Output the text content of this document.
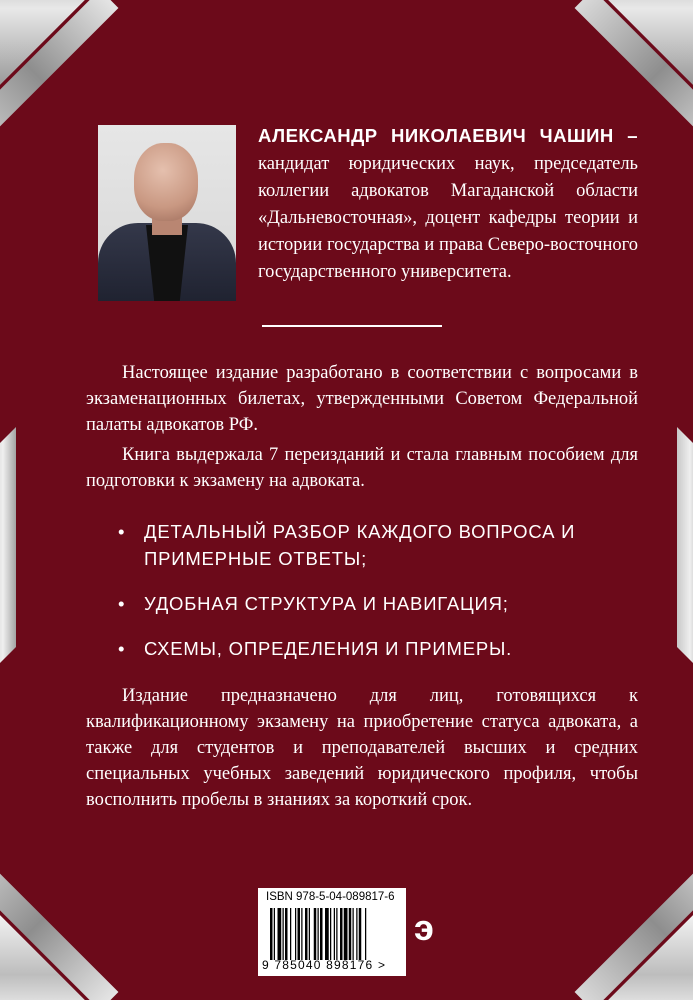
АЛЕКСАНДР НИКОЛАЕВИЧ ЧАШИН – кандидат юридических наук, председатель коллегии адвокатов Магаданской области «Дальневосточная», доцент кафедры теории и истории государства и права Северо-восточного государственного университета.

Настоящее издание разработано в соответствии с вопросами в экзаменационных билетах, утвержденными Советом Федеральной палаты адвокатов РФ.

Книга выдержала 7 переизданий и стала главным пособием для подготовки к экзамену на адвоката.

• ДЕТАЛЬНЫЙ РАЗБОР КАЖДОГО ВОПРОСА И ПРИМЕРНЫЕ ОТВЕТЫ;
• УДОБНАЯ СТРУКТУРА И НАВИГАЦИЯ;
• СХЕМЫ, ОПРЕДЕЛЕНИЯ И ПРИМЕРЫ.

Издание предназначено для лиц, готовящихся к квалификационному экзамену на приобретение статуса адвоката, а также для студентов и преподавателей высших и средних специальных учебных заведений юридического профиля, чтобы восполнить пробелы в знаниях за короткий срок.

ISBN 978-5-04-089817-6
9 785040 898176 >
э
